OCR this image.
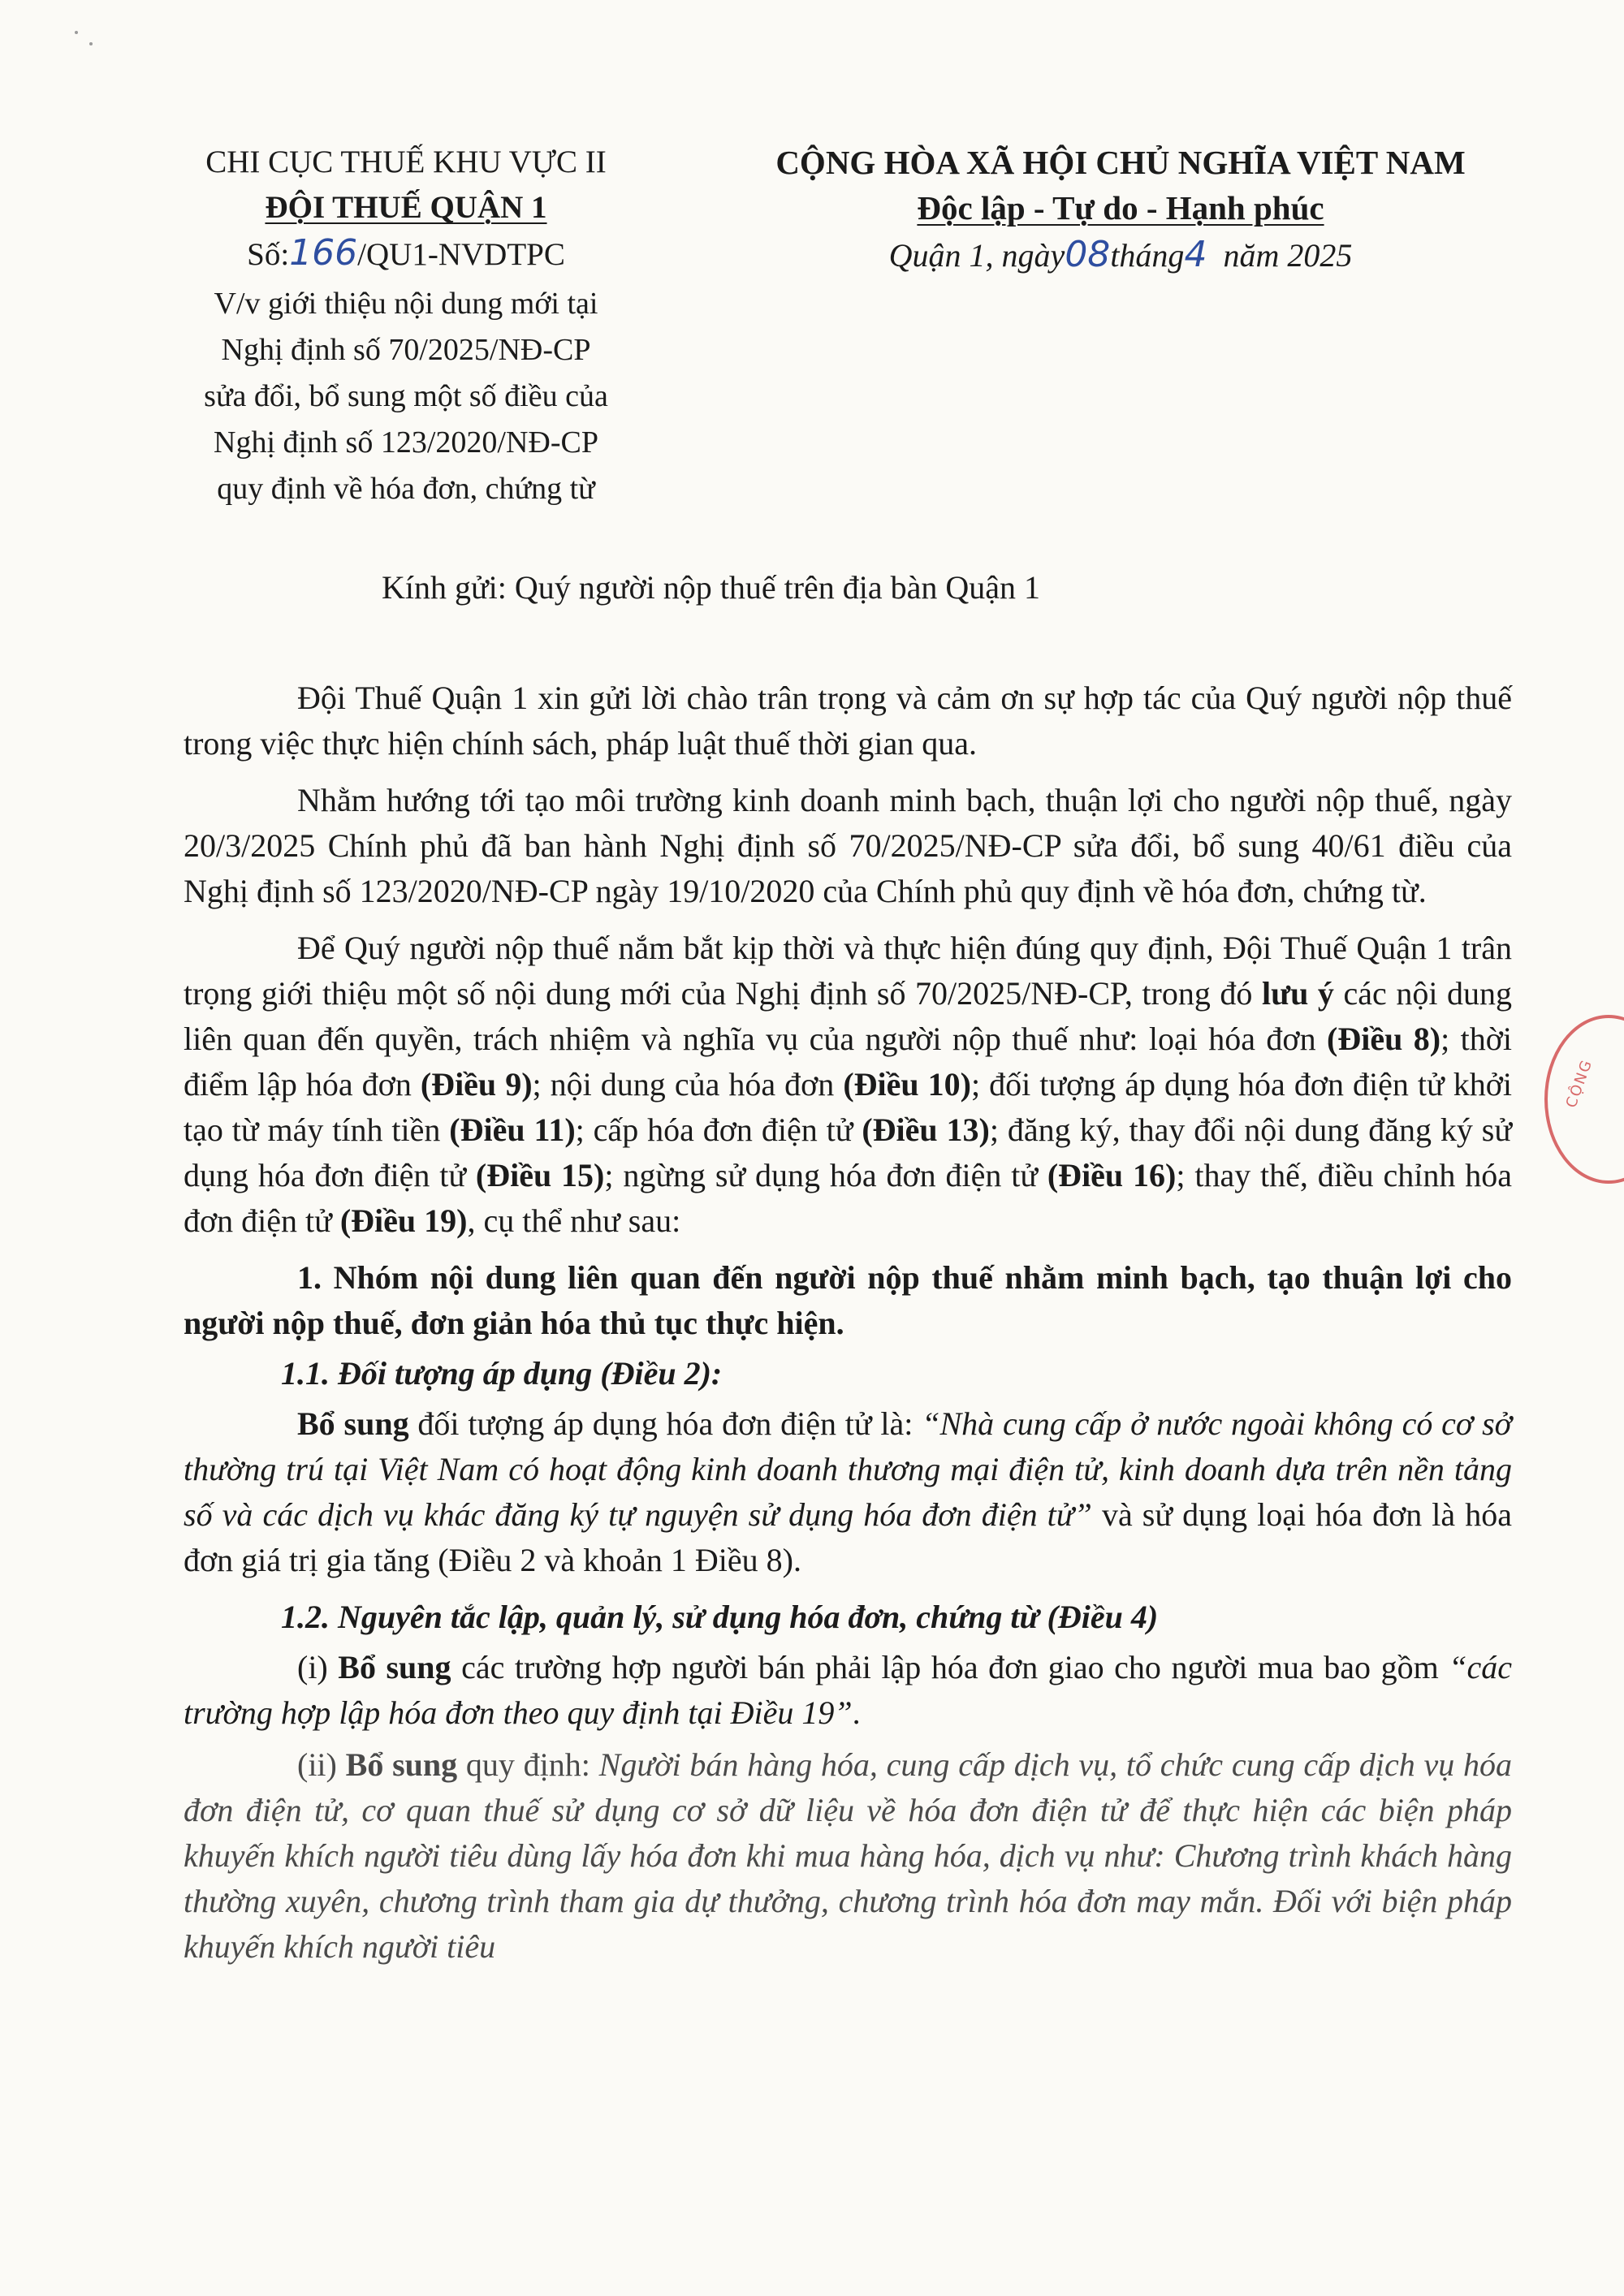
CHI CỤC THUẾ KHU VỰC II
ĐỘI THUẾ QUẬN 1
Số:166/QU1-NVDTPC
V/v giới thiệu nội dung mới tại
Nghị định số 70/2025/NĐ-CP
sửa đổi, bổ sung một số điều của
Nghị định số 123/2020/NĐ-CP
quy định về hóa đơn, chứng từ
CỘNG HÒA XÃ HỘI CHỦ NGHĨA VIỆT NAM
Độc lập - Tự do - Hạnh phúc
Quận 1, ngày08tháng4 năm 2025
Kính gửi: Quý người nộp thuế trên địa bàn Quận 1

Đội Thuế Quận 1 xin gửi lời chào trân trọng và cảm ơn sự hợp tác của Quý người nộp thuế trong việc thực hiện chính sách, pháp luật thuế thời gian qua.

Nhằm hướng tới tạo môi trường kinh doanh minh bạch, thuận lợi cho người nộp thuế, ngày 20/3/2025 Chính phủ đã ban hành Nghị định số 70/2025/NĐ-CP sửa đổi, bổ sung 40/61 điều của Nghị định số 123/2020/NĐ-CP ngày 19/10/2020 của Chính phủ quy định về hóa đơn, chứng từ.

Để Quý người nộp thuế nắm bắt kịp thời và thực hiện đúng quy định, Đội Thuế Quận 1 trân trọng giới thiệu một số nội dung mới của Nghị định số 70/2025/NĐ-CP, trong đó lưu ý các nội dung liên quan đến quyền, trách nhiệm và nghĩa vụ của người nộp thuế như: loại hóa đơn (Điều 8); thời điểm lập hóa đơn (Điều 9); nội dung của hóa đơn (Điều 10); đối tượng áp dụng hóa đơn điện tử khởi tạo từ máy tính tiền (Điều 11); cấp hóa đơn điện tử (Điều 13); đăng ký, thay đổi nội dung đăng ký sử dụng hóa đơn điện tử (Điều 15); ngừng sử dụng hóa đơn điện tử (Điều 16); thay thế, điều chỉnh hóa đơn điện tử (Điều 19), cụ thể như sau:

1. Nhóm nội dung liên quan đến người nộp thuế nhằm minh bạch, tạo thuận lợi cho người nộp thuế, đơn giản hóa thủ tục thực hiện.

1.1. Đối tượng áp dụng (Điều 2):

Bổ sung đối tượng áp dụng hóa đơn điện tử là: “Nhà cung cấp ở nước ngoài không có cơ sở thường trú tại Việt Nam có hoạt động kinh doanh thương mại điện tử, kinh doanh dựa trên nền tảng số và các dịch vụ khác đăng ký tự nguyện sử dụng hóa đơn điện tử” và sử dụng loại hóa đơn là hóa đơn giá trị gia tăng (Điều 2 và khoản 1 Điều 8).

1.2. Nguyên tắc lập, quản lý, sử dụng hóa đơn, chứng từ (Điều 4)

(i) Bổ sung các trường hợp người bán phải lập hóa đơn giao cho người mua bao gồm “các trường hợp lập hóa đơn theo quy định tại Điều 19”.

(ii) Bổ sung quy định: Người bán hàng hóa, cung cấp dịch vụ, tổ chức cung cấp dịch vụ hóa đơn điện tử, cơ quan thuế sử dụng cơ sở dữ liệu về hóa đơn điện tử để thực hiện các biện pháp khuyến khích người tiêu dùng lấy hóa đơn khi mua hàng hóa, dịch vụ như: Chương trình khách hàng thường xuyên, chương trình tham gia dự thưởng, chương trình hóa đơn may mắn. Đối với biện pháp khuyến khích người tiêu

CỘNG
